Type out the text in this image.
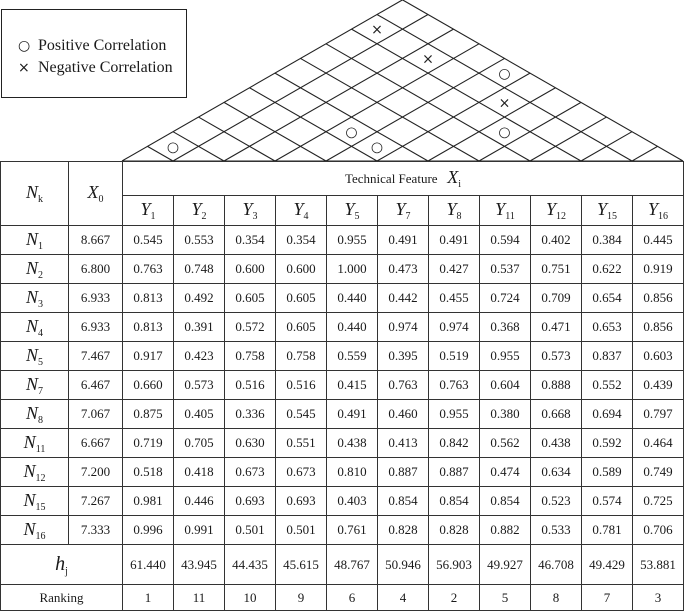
○ Positive Correlation
× Negative Correlation
○
○
○
×
×
○
×
○
$N_k$	$X_0$	Technical Feature $X_i$
		$Y_1$	$Y_2$	$Y_3$	$Y_4$	$Y_5$	$Y_7$	$Y_8$	$Y_{11}$	$Y_{12}$	$Y_{15}$	$Y_{16}$
$N_1$	8.667	0.545	0.553	0.354	0.354	0.955	0.491	0.491	0.594	0.402	0.384	0.445
$N_2$	6.800	0.763	0.748	0.600	0.600	1.000	0.473	0.427	0.537	0.751	0.622	0.919
$N_3$	6.933	0.813	0.492	0.605	0.605	0.440	0.442	0.455	0.724	0.709	0.654	0.856
$N_4$	6.933	0.813	0.391	0.572	0.605	0.440	0.974	0.974	0.368	0.471	0.653	0.856
$N_5$	7.467	0.917	0.423	0.758	0.758	0.559	0.395	0.519	0.955	0.573	0.837	0.603
$N_7$	6.467	0.660	0.573	0.516	0.516	0.415	0.763	0.763	0.604	0.888	0.552	0.439
$N_8$	7.067	0.875	0.405	0.336	0.545	0.491	0.460	0.955	0.380	0.668	0.694	0.797
$N_{11}$	6.667	0.719	0.705	0.630	0.551	0.438	0.413	0.842	0.562	0.438	0.592	0.464
$N_{12}$	7.200	0.518	0.418	0.673	0.673	0.810	0.887	0.887	0.474	0.634	0.589	0.749
$N_{15}$	7.267	0.981	0.446	0.693	0.693	0.403	0.854	0.854	0.854	0.523	0.574	0.725
$N_{16}$	7.333	0.996	0.991	0.501	0.501	0.761	0.828	0.828	0.882	0.533	0.781	0.706
$h_j$		61.440	43.945	44.435	45.615	48.767	50.946	56.903	49.927	46.708	49.429	53.881
Ranking		1	11	10	9	6	4	2	5	8	7	3
